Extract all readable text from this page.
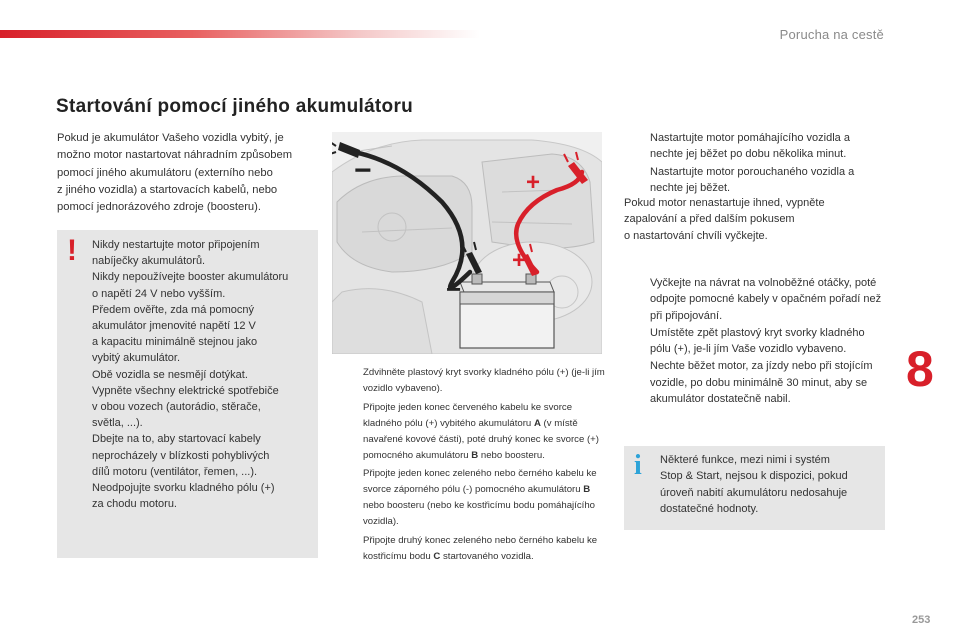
Porucha na cestě
Startování pomocí jiného akumulátoru

Pokud je akumulátor Vašeho vozidla vybitý, je
možno motor nastartovat náhradním způsobem
pomocí jiného akumulátoru (externího nebo
z jiného vozidla) a startovacích kabelů, nebo
pomocí jednorázového zdroje (boosteru).

! Nikdy nestartujte motor připojením
nabíječky akumulátorů.
Nikdy nepoužívejte booster akumulátoru
o napětí 24 V nebo vyšším.
Předem ověřte, zda má pomocný
akumulátor jmenovité napětí 12 V
a kapacitu minimálně stejnou jako
vybitý akumulátor.
Obě vozidla se nesmějí dotýkat.
Vypněte všechny elektrické spotřebiče
v obou vozech (autorádio, stěrače,
světla, ...).
Dbejte na to, aby startovací kabely
neprocházely v blízkosti pohyblivých
dílů motoru (ventilátor, řemen, ...).
Neodpojujte svorku kladného pólu (+)
za chodu motoru.

−
−
+
+
Zdvihněte plastový kryt svorky kladného pólu (+) (je-li jím vozidlo vybaveno).
Připojte jeden konec červeného kabelu ke svorce kladného pólu (+) vybitého akumulátoru A (v místě navařené kovové části), poté druhý konec ke svorce (+) pomocného akumulátoru B nebo boosteru.
Připojte jeden konec zeleného nebo černého kabelu ke svorce záporného pólu (-) pomocného akumulátoru B nebo boosteru (nebo ke kostřicímu bodu pomáhajícího vozidla).
Připojte druhý konec zeleného nebo černého kabelu ke kostřicímu bodu C startovaného vozidla.
Nastartujte motor pomáhajícího vozidla a nechte jej běžet po dobu několika minut.
Nastartujte motor porouchaného vozidla a nechte jej běžet.

Pokud motor nenastartuje ihned, vypněte
zapalování a před dalším pokusem
o nastartování chvíli vyčkejte.

Vyčkejte na návrat na volnoběžné otáčky, poté odpojte pomocné kabely v opačném pořadí než při připojování.
Umístěte zpět plastový kryt svorky kladného pólu (+), je-li jím Vaše vozidlo vybaveno.
Nechte běžet motor, za jízdy nebo při stojícím vozidle, po dobu minimálně 30 minut, aby se akumulátor dostatečně nabil.
i Některé funkce, mezi nimi i systém
Stop & Start, nejsou k dispozici, pokud
úroveň nabití akumulátoru nedosahuje
dostatečné hodnoty.

8
253
